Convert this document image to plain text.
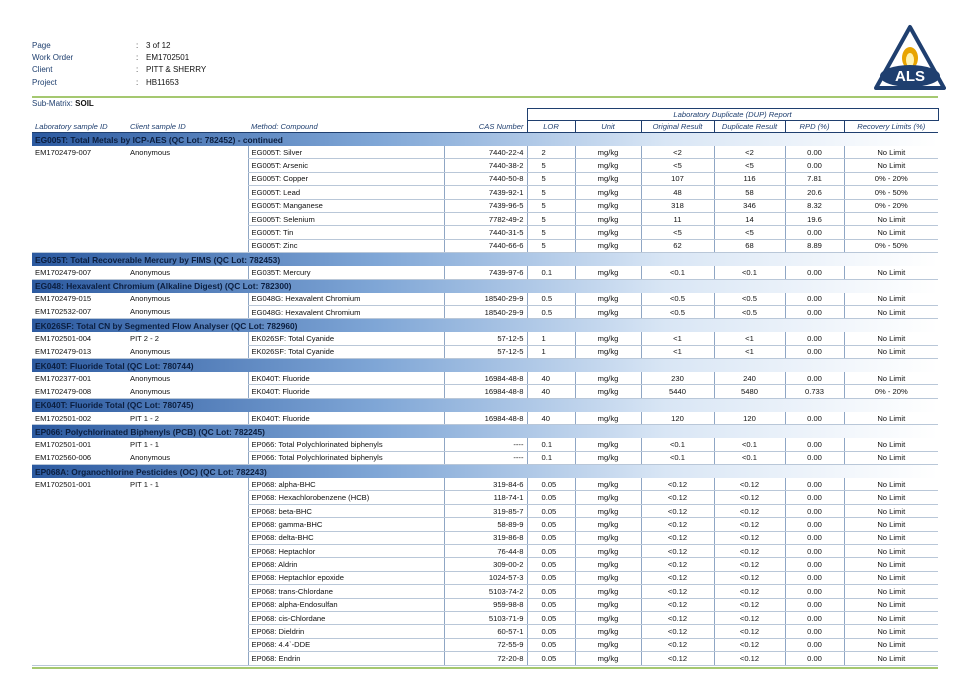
Page	: 3 of 12
Work Order	: EM1702501
Client	: PITT & SHERRY
Project	: HB11653	ALS
Sub-Matrix: SOIL
				Laboratory Duplicate (DUP) Report					
Laboratory sample ID	Client sample ID	Method: Compound	CAS Number	LOR	Unit	Original Result	Duplicate Result	RPD (%)	Recovery Limits (%)
EG005T: Total Metals by ICP-AES (QC Lot: 782452) - continued									
EM1702479-007	Anonymous	EG005T: Silver	7440-22-4	2	mg/kg	<2	<2	0.00	No Limit
		EG005T: Arsenic	7440-38-2	5	mg/kg	<5	<5	0.00	No Limit
		EG005T: Copper	7440-50-8	5	mg/kg	107	116	7.81	0% - 20%
		EG005T: Lead	7439-92-1	5	mg/kg	48	58	20.6	0% - 50%
		EG005T: Manganese	7439-96-5	5	mg/kg	318	346	8.32	0% - 20%
		EG005T: Selenium	7782-49-2	5	mg/kg	11	14	19.6	No Limit
		EG005T: Tin	7440-31-5	5	mg/kg	<5	<5	0.00	No Limit
		EG005T: Zinc	7440-66-6	5	mg/kg	62	68	8.89	0% - 50%
EG035T: Total Recoverable Mercury by FIMS (QC Lot: 782453)									
EM1702479-007	Anonymous	EG035T: Mercury	7439-97-6	0.1	mg/kg	<0.1	<0.1	0.00	No Limit
EG048: Hexavalent Chromium (Alkaline Digest) (QC Lot: 782300)									
EM1702479-015	Anonymous	EG048G: Hexavalent Chromium	18540-29-9	0.5	mg/kg	<0.5	<0.5	0.00	No Limit
EM1702532-007	Anonymous	EG048G: Hexavalent Chromium	18540-29-9	0.5	mg/kg	<0.5	<0.5	0.00	No Limit
EK026SF: Total CN by Segmented Flow Analyser (QC Lot: 782960)									
EM1702501-004	PIT 2 - 2	EK026SF: Total Cyanide	57-12-5	1	mg/kg	<1	<1	0.00	No Limit
EM1702479-013	Anonymous	EK026SF: Total Cyanide	57-12-5	1	mg/kg	<1	<1	0.00	No Limit
EK040T: Fluoride Total (QC Lot: 780744)									
EM1702377-001	Anonymous	EK040T: Fluoride	16984-48-8	40	mg/kg	230	240	0.00	No Limit
EM1702479-008	Anonymous	EK040T: Fluoride	16984-48-8	40	mg/kg	5440	5480	0.733	0% - 20%
EK040T: Fluoride Total (QC Lot: 780745)									
EM1702501-002	PIT 1 - 2	EK040T: Fluoride	16984-48-8	40	mg/kg	120	120	0.00	No Limit
EP066: Polychlorinated Biphenyls (PCB) (QC Lot: 782245)									
EM1702501-001	PIT 1 - 1	EP066: Total Polychlorinated biphenyls	----	0.1	mg/kg	<0.1	<0.1	0.00	No Limit
EM1702560-006	Anonymous	EP066: Total Polychlorinated biphenyls	----	0.1	mg/kg	<0.1	<0.1	0.00	No Limit
EP068A: Organochlorine Pesticides (OC) (QC Lot: 782243)									
EM1702501-001	PIT 1 - 1	EP068: alpha-BHC	319-84-6	0.05	mg/kg	<0.12	<0.12	0.00	No Limit
		EP068: Hexachlorobenzene (HCB)	118-74-1	0.05	mg/kg	<0.12	<0.12	0.00	No Limit
		EP068: beta-BHC	319-85-7	0.05	mg/kg	<0.12	<0.12	0.00	No Limit
		EP068: gamma-BHC	58-89-9	0.05	mg/kg	<0.12	<0.12	0.00	No Limit
		EP068: delta-BHC	319-86-8	0.05	mg/kg	<0.12	<0.12	0.00	No Limit
		EP068: Heptachlor	76-44-8	0.05	mg/kg	<0.12	<0.12	0.00	No Limit
		EP068: Aldrin	309-00-2	0.05	mg/kg	<0.12	<0.12	0.00	No Limit
		EP068: Heptachlor epoxide	1024-57-3	0.05	mg/kg	<0.12	<0.12	0.00	No Limit
		EP068: trans-Chlordane	5103-74-2	0.05	mg/kg	<0.12	<0.12	0.00	No Limit
		EP068: alpha-Endosulfan	959-98-8	0.05	mg/kg	<0.12	<0.12	0.00	No Limit
		EP068: cis-Chlordane	5103-71-9	0.05	mg/kg	<0.12	<0.12	0.00	No Limit
		EP068: Dieldrin	60-57-1	0.05	mg/kg	<0.12	<0.12	0.00	No Limit
		EP068: 4.4`-DDE	72-55-9	0.05	mg/kg	<0.12	<0.12	0.00	No Limit
		EP068: Endrin	72-20-8	0.05	mg/kg	<0.12	<0.12	0.00	No Limit
